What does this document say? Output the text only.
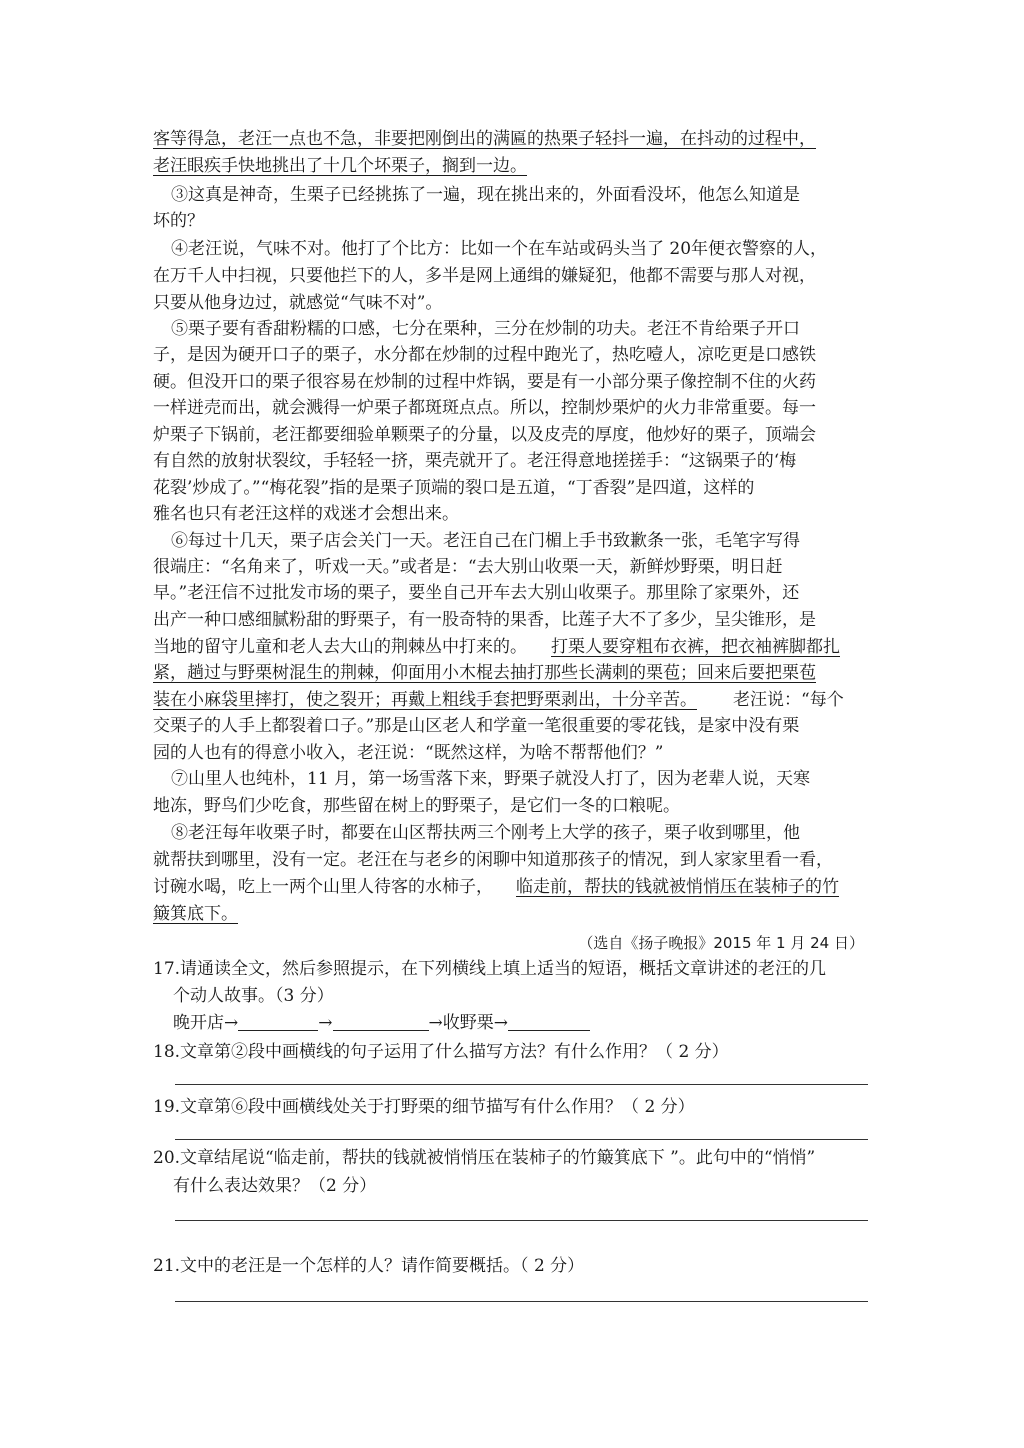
客等得急，老汪一点也不急，非要把刚倒出的满匾的热栗子轻抖一遍，在抖动的过程中，
老汪眼疾手快地挑出了十几个坏栗子，搁到一边。
③这真是神奇，生栗子已经挑拣了一遍，现在挑出来的，外面看没坏，他怎么知道是
坏的？
④老汪说，气味不对。他打了个比方：比如一个在车站或码头当了 20年便衣警察的人，
在万千人中扫视，只要他拦下的人，多半是网上通缉的嫌疑犯，他都不需要与那人对视，
只要从他身边过，就感觉“气味不对”。
⑤栗子要有香甜粉糯的口感，七分在栗种，三分在炒制的功夫。老汪不肯给栗子开口
子，是因为硬开口子的栗子，水分都在炒制的过程中跑光了，热吃噎人，凉吃更是口感铁
硬。但没开口的栗子很容易在炒制的过程中炸锅，要是有一小部分栗子像控制不住的火药
一样迸売而出，就会溅得一炉栗子都斑斑点点。所以，控制炒栗炉的火力非常重要。每一
炉栗子下锅前，老汪都要细验单颗栗子的分量，以及皮壳的厚度，他炒好的栗子，顶端会
有自然的放射状裂纹，手轻轻一挤，栗壳就开了。老汪得意地搓搓手：“这锅栗子的‘梅
花裂’炒成了。”“梅花裂”指的是栗子顶端的裂口是五道，“丁香裂”是四道，这样的
雅名也只有老汪这样的戏迷才会想出来。
⑥每过十几天，栗子店会关门一天。老汪自己在门楣上手书致歉条一张，毛笔字写得
很端庄：“名角来了，听戏一天。”或者是：“去大别山收栗一天，新鲜炒野栗，明日赶
早。”老汪信不过批发市场的栗子，要坐自己开车去大别山收栗子。那里除了家栗外，还
出产一种口感细腻粉甜的野栗子，有一股奇特的果香，比莲子大不了多少，呈尖锥形，是
当地的留守儿童和老人去大山的荆棘丛中打来的。 打栗人要穿粗布衣裤，把衣袖裤脚都扎
紧，趟过与野栗树混生的荆棘，仰面用小木棍去抽打那些长满刺的栗苞；回来后要把栗苞
装在小麻袋里摔打，使之裂开；再戴上粗线手套把野栗剥出，十分辛苦。 老汪说：“每个
交栗子的人手上都裂着口子。”那是山区老人和学童一笔很重要的零花钱，是家中没有栗
园的人也有的得意小收入，老汪说：“既然这样，为啥不帮帮他们？”
⑦山里人也纯朴，11 月，第一场雪落下来，野栗子就没人打了，因为老辈人说，天寒
地冻，野鸟们少吃食，那些留在树上的野栗子，是它们一冬的口粮呢。
⑧老汪每年收栗子时，都要在山区帮扶两三个刚考上大学的孩子，栗子收到哪里，他
就帮扶到哪里，没有一定。老汪在与老乡的闲聊中知道那孩子的情况，到人家家里看一看，
讨碗水喝，吃上一两个山里人待客的水柿子， 临走前，帮扶的钱就被悄悄压在装柿子的竹
簸箕底下。
（选自《扬子晚报》2015 年 1 月 24 日）
17.请通读全文，然后参照提示，在下列横线上填上适当的短语，概括文章讲述的老汪的几
个动人故事。（3 分）
晚开店→	→	→收野栗→
18.文章第②段中画横线的句子运用了什么描写方法？有什么作用？（ 2 分）
19.文章第⑥段中画横线处关于打野栗的细节描写有什么作用？（ 2 分）
20.文章结尾说“临走前，帮扶的钱就被悄悄压在装柿子的竹簸箕底下 ”。此句中的“悄悄”
有什么表达效果？（2 分）
21.文中的老汪是一个怎样的人？请作简要概括。（ 2 分）
